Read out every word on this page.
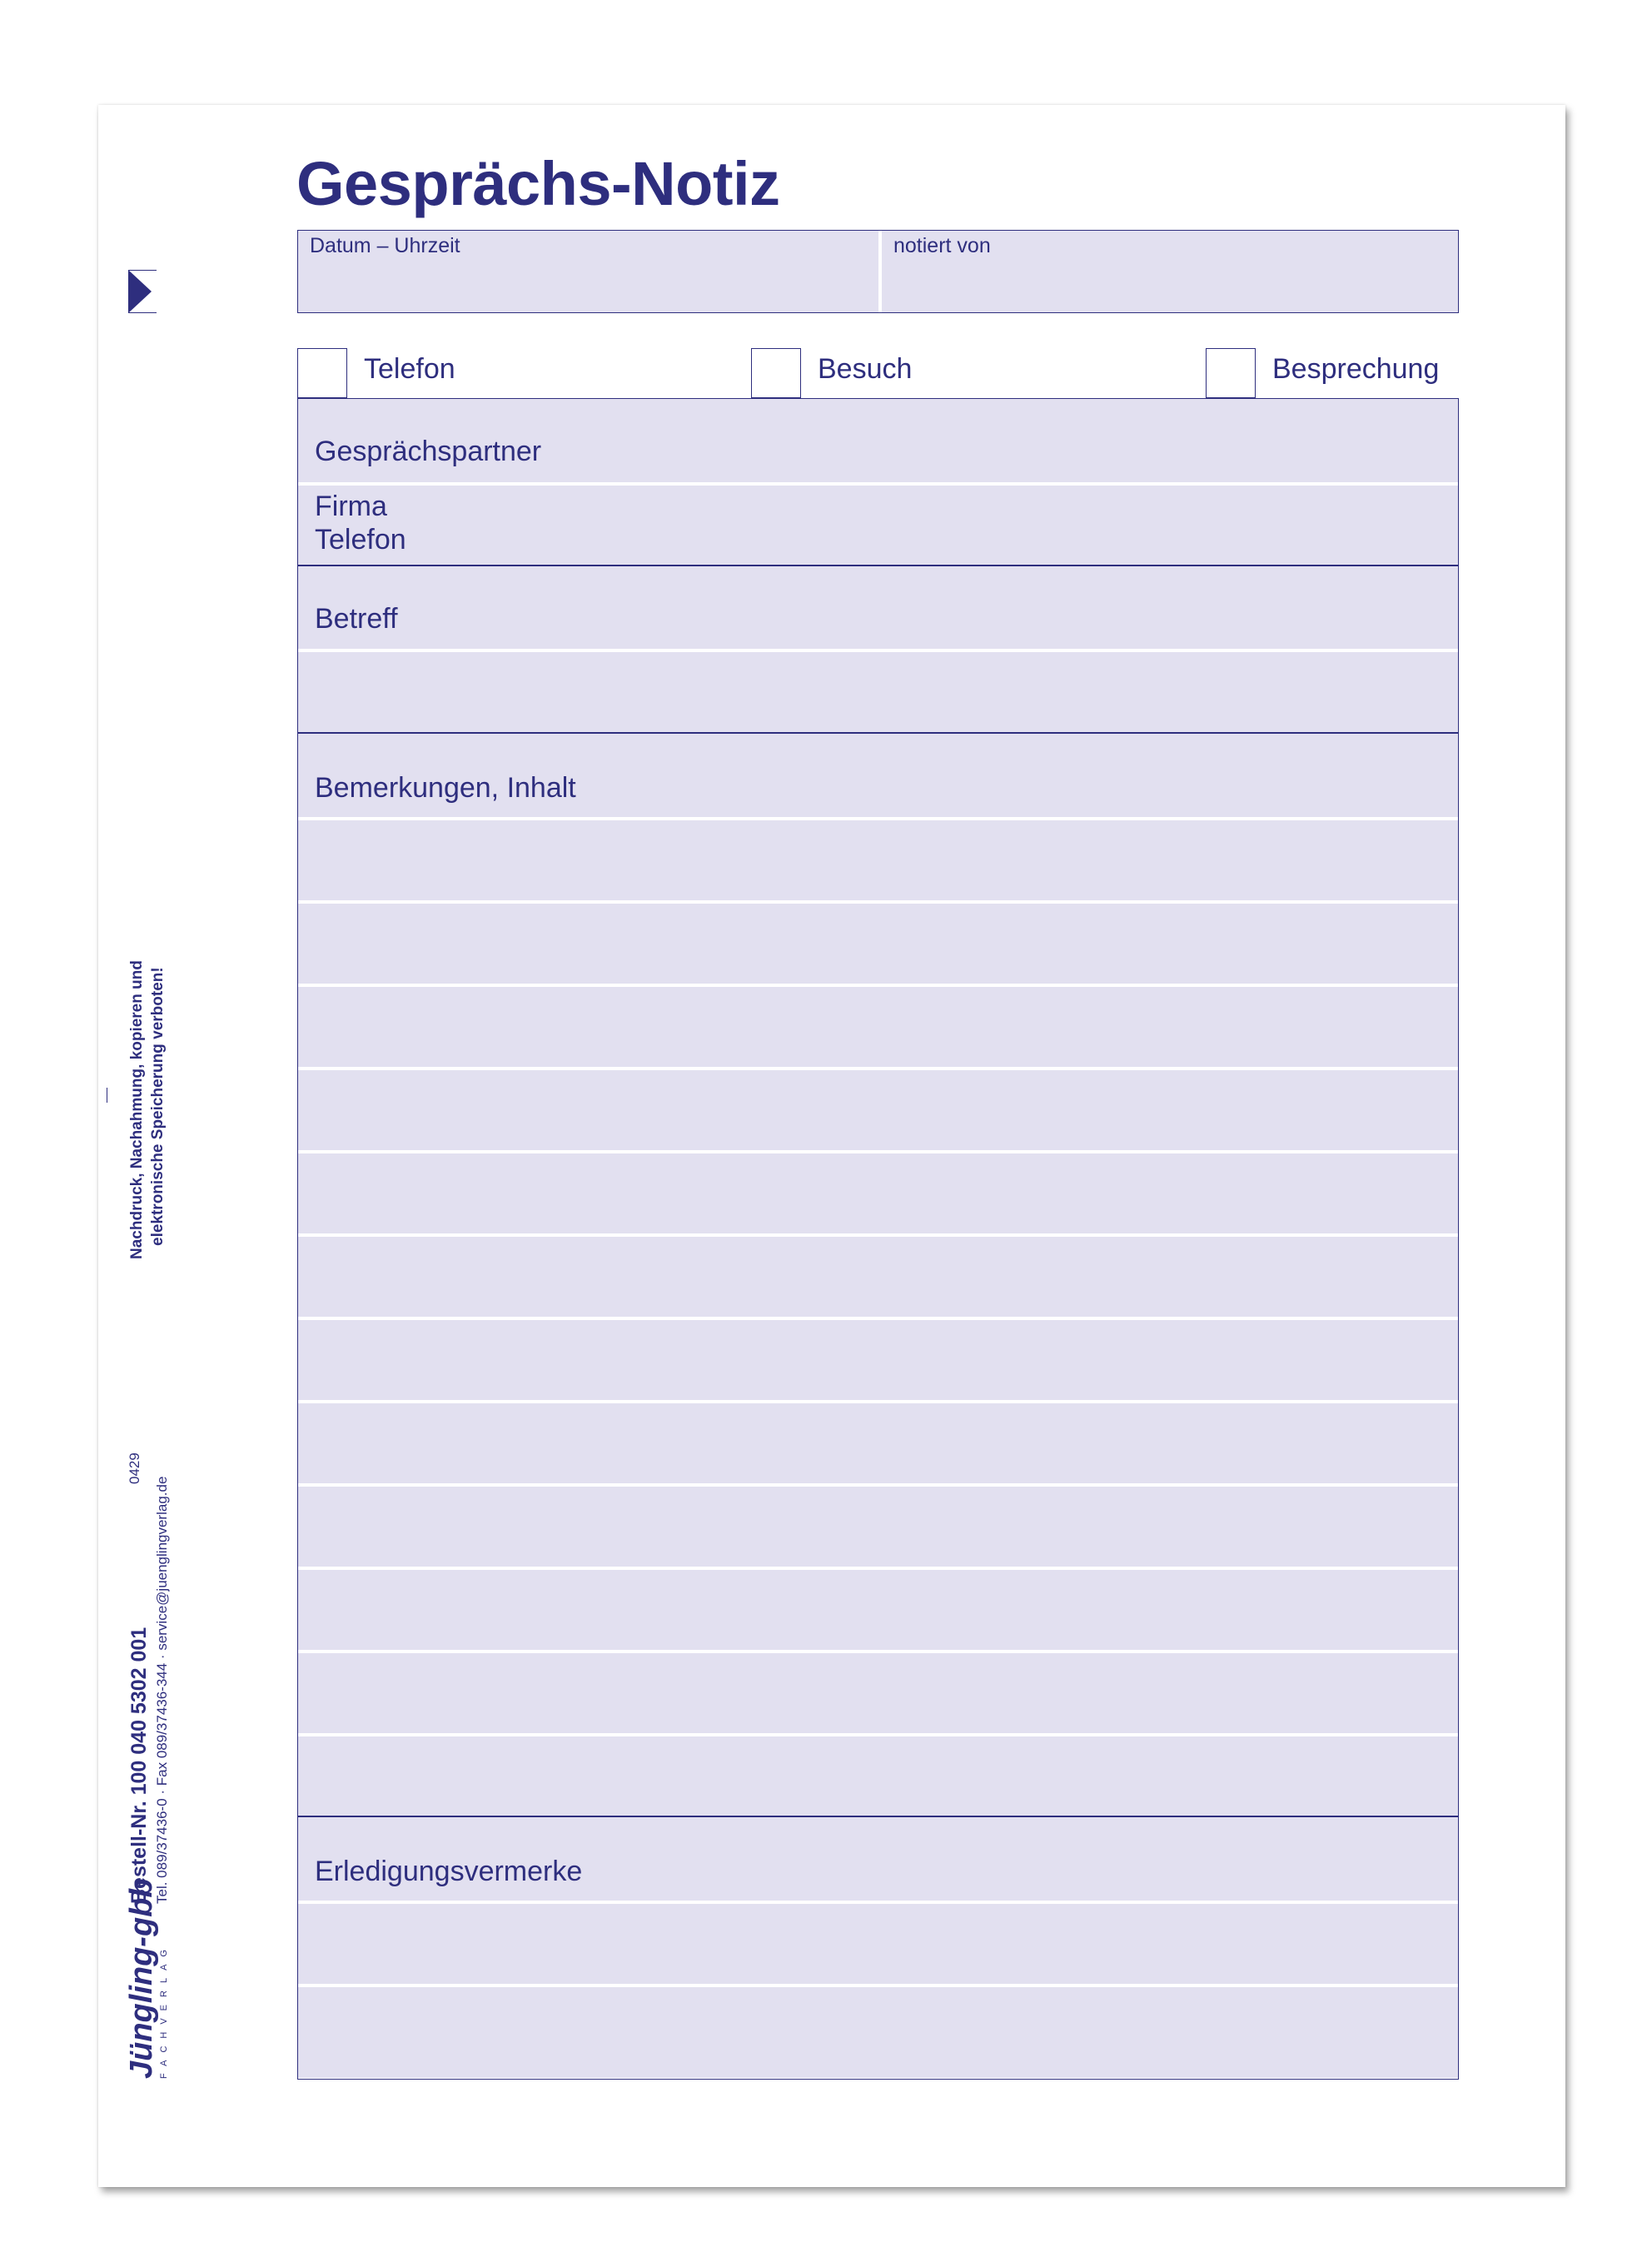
Gesprächs-Notiz
Datum – Uhrzeit	notiert von
Telefon	Besuch	Besprechung
Gesprächspartner
Firma
Telefon
Betreff
Bemerkungen, Inhalt
Erledigungsvermerke
Nachdruck, Nachahmung, kopieren und elektronische Speicherung verboten!
0429
Bestell-Nr. 100 040 5302 001 Tel. 089/37436-0 · Fax 089/37436-344 · service@juenglingverlag.de
Jüngling-gbb FACHVERLAG
